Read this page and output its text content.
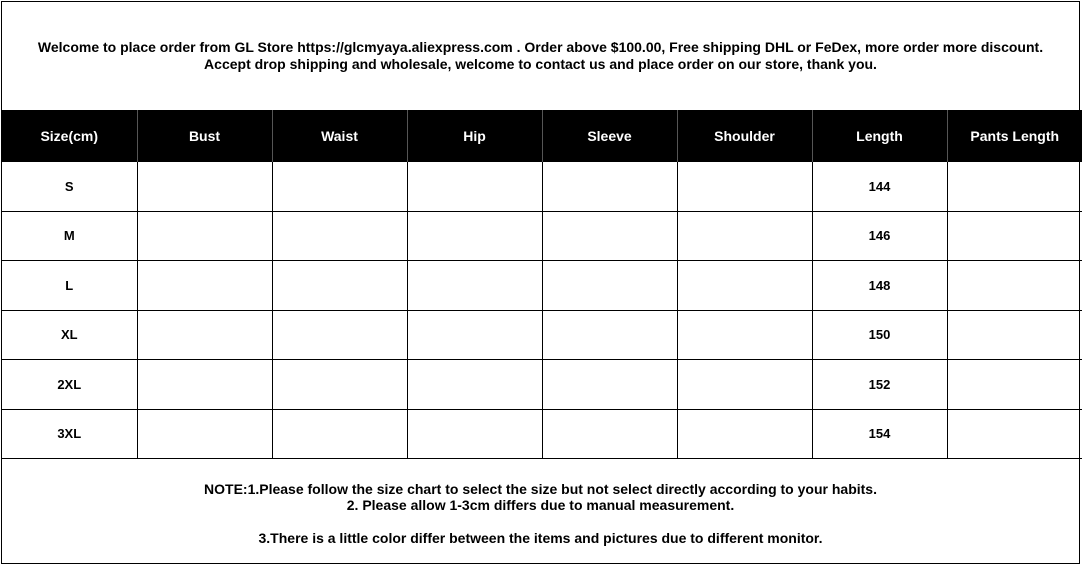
Welcome to place order from GL Store https://glcmyaya.aliexpress.com . Order above $100.00, Free shipping DHL or FeDex, more order more discount.
Accept drop shipping and wholesale, welcome to contact us and place order on our store, thank you.
Size(cm)	Bust	Waist	Hip	Sleeve	Shoulder	Length	Pants Length
S						144	
M						146	
L						148	
XL						150	
2XL						152	
3XL						154	
NOTE:1.Please follow the size chart to select the size but not select directly according to your habits.
2. Please allow 1-3cm differs due to manual measurement.
3.There is a little color differ between the items and pictures due to different monitor.
